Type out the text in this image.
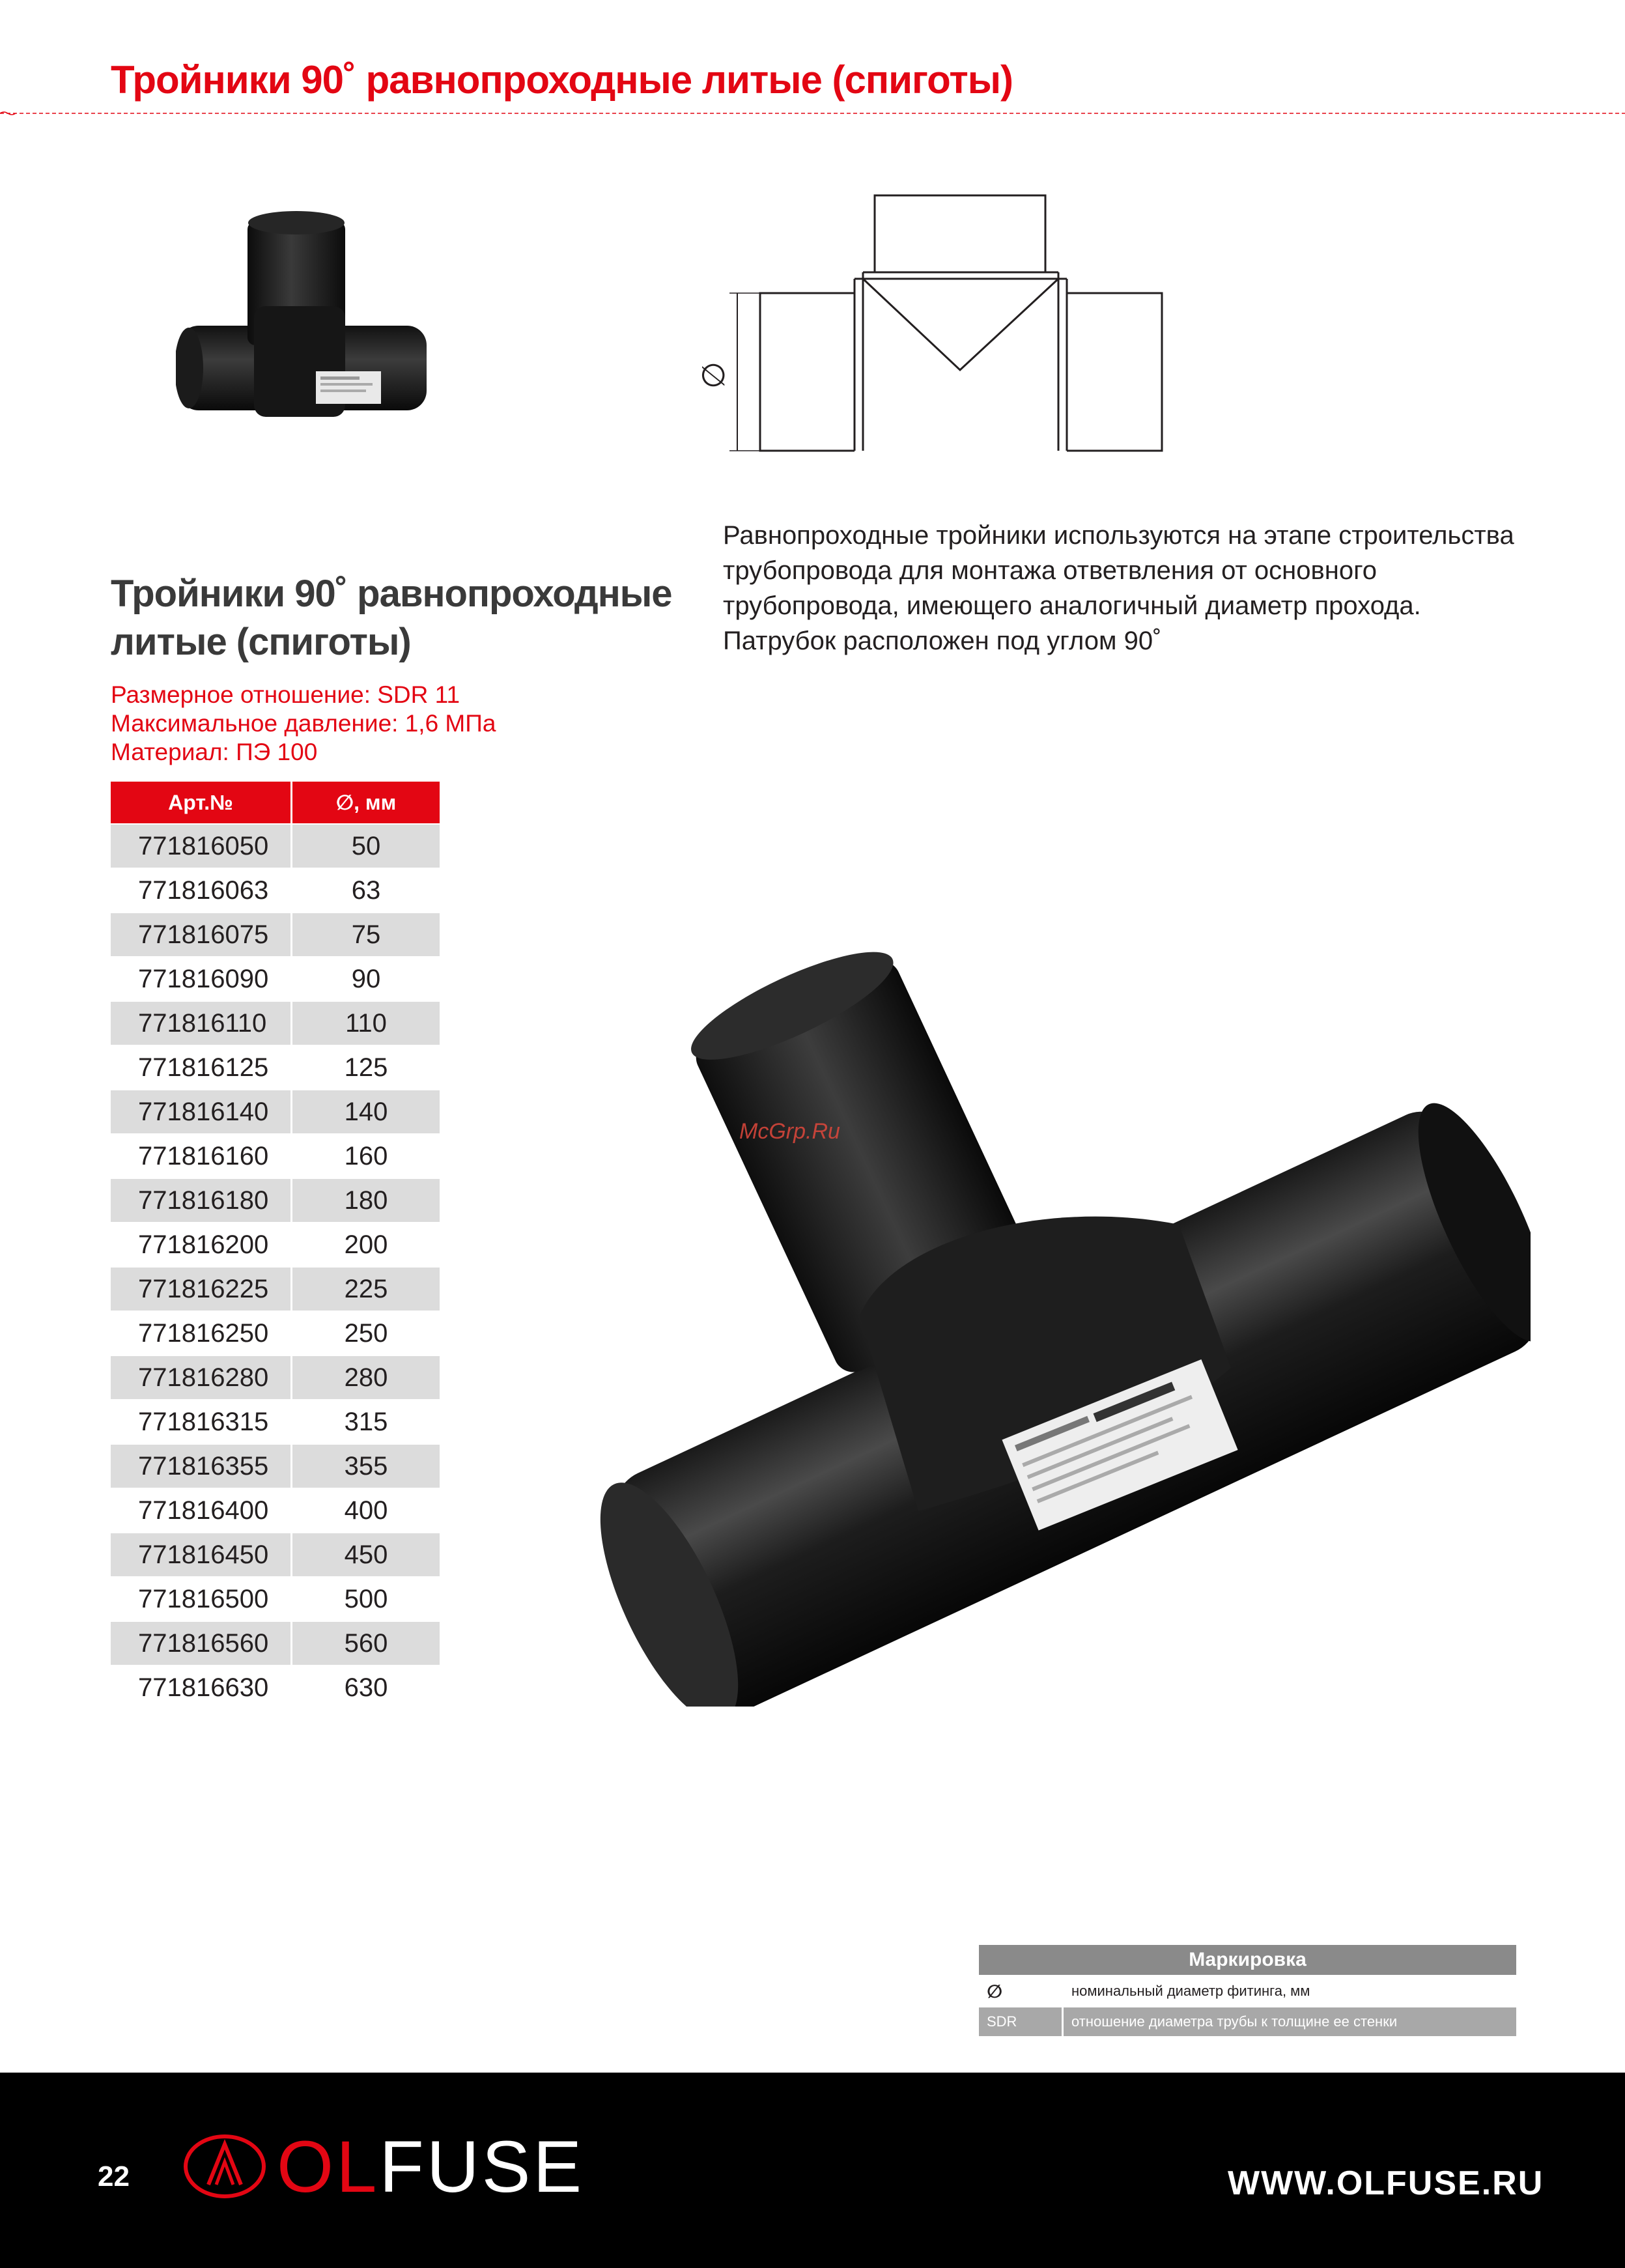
Тройники 90˚ равнопроходные литые (спиготы)
∅

Равнопроходные тройники используются на этапе строительства

трубопровода для монтажа ответвления от основного

трубопровода, имеющего аналогичный диаметр прохода.

Патрубок расположен под углом 90˚

Тройники 90˚ равнопроходные
литые (спиготы)
Размерное отношение: SDR 11
Максимальное давление: 1,6 МПа
Материал: ПЭ 100
Арт.№	∅, мм
771816050	50
771816063	63
771816075	75
771816090	90
771816110	110
771816125	125
771816140	140
771816160	160
771816180	180
771816200	200
771816225	225
771816250	250
771816280	280
771816315	315
771816355	355
771816400	400
771816450	450
771816500	500
771816560	560
771816630	630
McGrp.Ru
Маркировка	
∅	номинальный диаметр фитинга, мм
SDR	отношение диаметра трубы к толщине ее стенки
22 OLFUSE	WWW.OLFUSE.RU
